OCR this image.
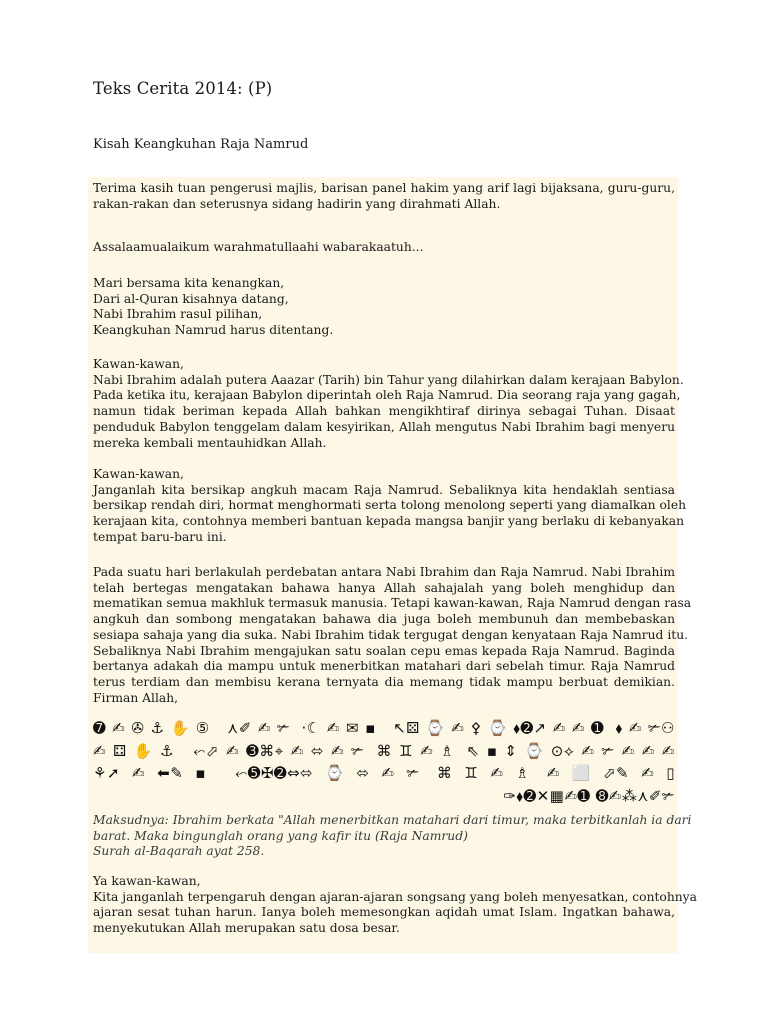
Teks Cerita 2014: (P)
Kisah Keangkuhan Raja Namrud

Terima kasih tuan pengerusi majlis, barisan panel hakim yang arif lagi bijaksana, guru-guru,
rakan-rakan dan seterusnya sidang hadirin yang dirahmati Allah.

Assalaamualaikum warahmatullaahi wabarakaatuh...

Mari bersama kita kenangkan,
Dari al-Quran kisahnya datang,
Nabi Ibrahim rasul pilihan,
Keangkuhan Namrud harus ditentang.

Kawan-kawan,
Nabi Ibrahim adalah putera Aaazar (Tarih) bin Tahur yang dilahirkan dalam kerajaan Babylon.
Pada ketika itu, kerajaan Babylon diperintah oleh Raja Namrud. Dia seorang raja yang gagah,
namun tidak beriman kepada Allah bahkan mengikhtiraf dirinya sebagai Tuhan. Disaat
penduduk Babylon tenggelam dalam kesyirikan, Allah mengutus Nabi Ibrahim bagi menyeru
mereka kembali mentauhidkan Allah.

Kawan-kawan,
Janganlah kita bersikap angkuh macam Raja Namrud. Sebaliknya kita hendaklah sentiasa
bersikap rendah diri, hormat menghormati serta tolong menolong seperti yang diamalkan oleh
kerajaan kita, contohnya memberi bantuan kepada mangsa banjir yang berlaku di kebanyakan
tempat baru-baru ini.

Pada suatu hari berlakulah perdebatan antara Nabi Ibrahim dan Raja Namrud. Nabi Ibrahim
telah bertegas mengatakan bahawa hanya Allah sahajalah yang boleh menghidup dan
mematikan semua makhluk termasuk manusia. Tetapi kawan-kawan, Raja Namrud dengan rasa
angkuh dan sombong mengatakan bahawa dia juga boleh membunuh dan membebaskan
sesiapa sahaja yang dia suka. Nabi Ibrahim tidak tergugat dengan kenyataan Raja Namrud itu.
Sebaliknya Nabi Ibrahim mengajukan satu soalan cepu emas kepada Raja Namrud. Baginda
bertanya adakah dia mampu untuk menerbitkan matahari dari sebelah timur. Raja Namrud
terus terdiam dan membisu kerana ternyata dia memang tidak mampu berbuat demikian.
Firman Allah,

➐✍✇⚓✋⑤ ⋏✐✍✃ ·☾✍✉▪ ↖⚄⌚✍⚴⌚⬧➋↗✍✍➊ ⬧✍✃⚇
✍⚃✋⚓ ⬿⬀✍➌⌘⌖✍⬄✍✃ ⌘♊✍♗ ⇖▪⇕⌚⊙⟡✍✃✍✍✍
⚘➚✍⬅✎▪ ⬿➎✠➋⇔⬄⌚⬄✍✃ ⌘♊✍♗ ✍⬜⬀✎✍▯
✑⬧➋✕▦✍➊ ➑✍⁂⋏✐✃

Maksudnya: Ibrahim berkata "Allah menerbitkan matahari dari timur, maka terbitkanlah ia dari
barat. Maka bingunglah orang yang kafir itu (Raja Namrud)
Surah al-Baqarah ayat 258.

Ya kawan-kawan,
Kita janganlah terpengaruh dengan ajaran-ajaran songsang yang boleh menyesatkan, contohnya
ajaran sesat tuhan harun. Ianya boleh memesongkan aqidah umat Islam. Ingatkan bahawa,
menyekutukan Allah merupakan satu dosa besar.
